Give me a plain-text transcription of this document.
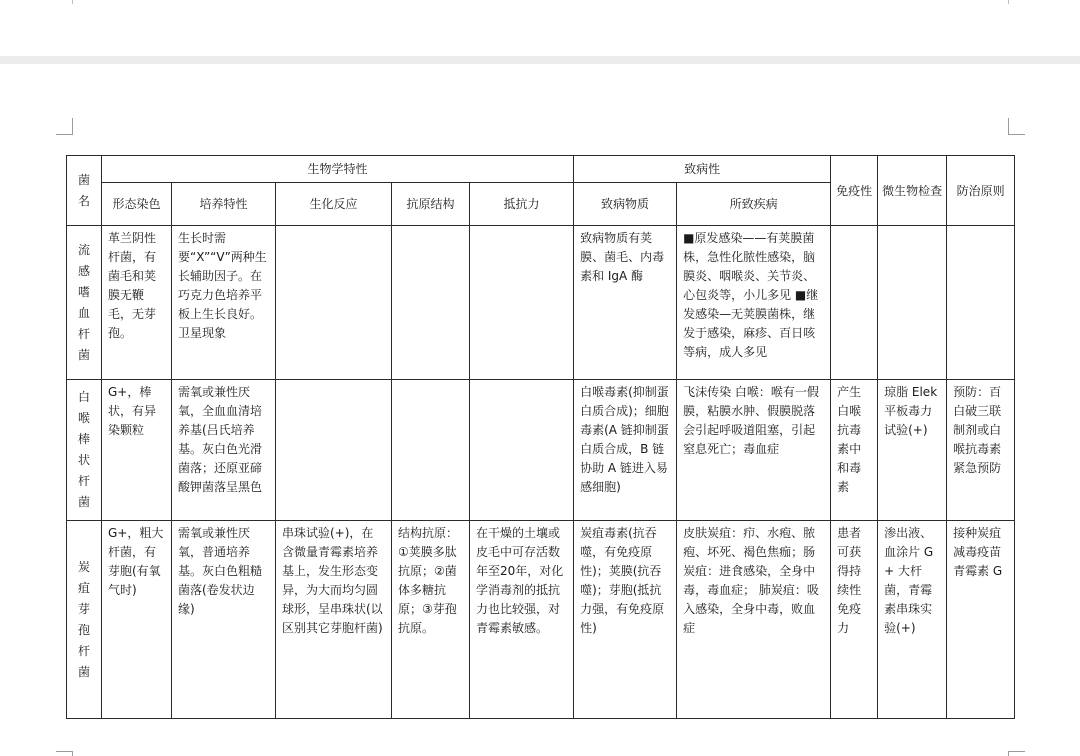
菌名	生物学特性					致病性		免疫性	微生物检查	防治原则
	形态染色	培养特性	生化反应	抗原结构	抵抗力	致病物质	所致疾病			
流感嗜血杆菌	革兰阴性杆菌，有菌毛和荚膜无鞭毛，无芽孢。	生长时需要“X”“V”两种生长辅助因子。在巧克力色培养平板上生长良好。卫星现象				致病物质有荚膜、菌毛、内毒素和 IgA 酶	■原发感染——有荚膜菌株，急性化脓性感染，脑膜炎、咽喉炎、关节炎、心包炎等，小儿多见 ■继发感染—无荚膜菌株，继发于感染，麻疹、百日咳等病，成人多见			
白喉棒状杆菌	G+，棒状，有异染颗粒	需氧或兼性厌氧，全血血清培养基(吕氏培养基。灰白色光滑菌落；还原亚碲酸钾菌落呈黑色				白喉毒素(抑制蛋白质合成)；细胞毒素(A 链抑制蛋白质合成，B 链协助 A 链进入易感细胞)	飞沫传染 白喉：喉有一假膜，粘膜水肿、假膜脱落会引起呼吸道阻塞，引起窒息死亡；毒血症	产生白喉抗毒素中和毒素	琼脂 Elek 平板毒力试验(+)	预防：百白破三联制剂或白喉抗毒素紧急预防
炭疽芽孢杆菌	G+，粗大杆菌，有芽胞(有氧气时)	需氧或兼性厌氧，普通培养基。灰白色粗糙菌落(卷发状边缘)	串珠试验(+)，在含微量青霉素培养基上，发生形态变异，为大而均匀圆球形，呈串珠状(以区别其它芽胞杆菌)	结构抗原：①荚膜多肽抗原；②菌体多糖抗原；③芽孢抗原。	在干燥的土壤或皮毛中可存活数年至20年，对化学消毒剂的抵抗力也比较强，对青霉素敏感。	炭疽毒素(抗吞噬，有免疫原性)；荚膜(抗吞噬)；芽胞(抵抗力强，有免疫原性)	皮肤炭疽：疖、水疱、脓疱、坏死、褐色焦痂；肠炭疽：进食感染，全身中毒，毒血症； 肺炭疽：吸入感染，全身中毒，败血症	患者可获得持续性免疫力	渗出液、血涂片 G+ 大杆菌，青霉素串珠实验(+)	接种炭疽减毒疫苗 青霉素 G
